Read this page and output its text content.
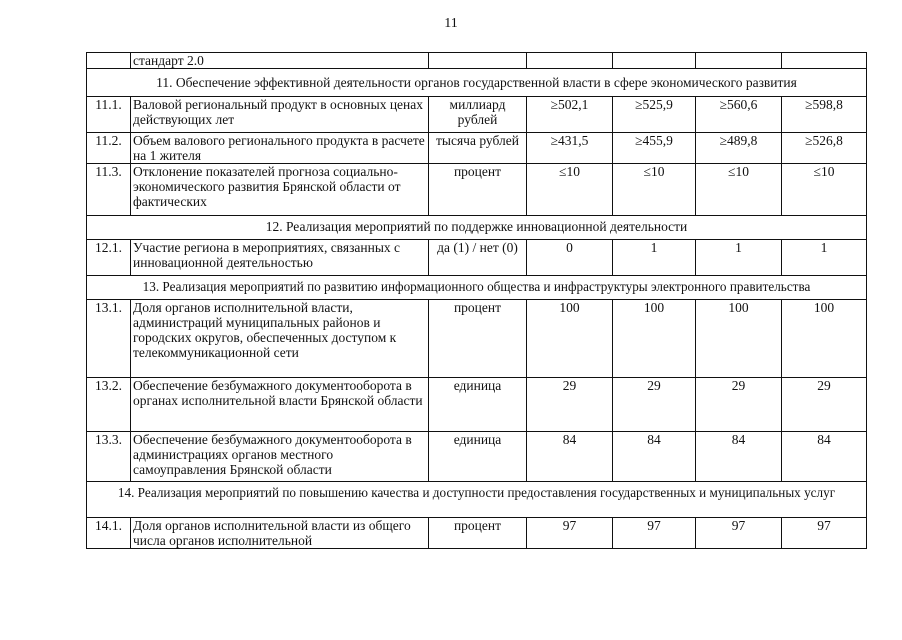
11
	стандарт 2.0					
11. Обеспечение эффективной деятельности органов государственной власти в сфере экономического развития						
11.1.	Валовой региональный продукт в основных ценах действующих лет	миллиард рублей	≥502,1	≥525,9	≥560,6	≥598,8
11.2.	Объем валового регионального продукта в расчете на 1 жителя	тысяча рублей	≥431,5	≥455,9	≥489,8	≥526,8
11.3.	Отклонение показателей прогноза социально-экономического развития Брянской области от фактических	процент	≤10	≤10	≤10	≤10
12. Реализация мероприятий по поддержке инновационной деятельности						
12.1.	Участие региона в мероприятиях, связанных с инновационной деятельностью	да (1) / нет (0)	0	1	1	1
13. Реализация мероприятий по развитию информационного общества и инфраструктуры электронного правительства						
13.1.	Доля органов исполнительной власти, администраций муниципальных районов и городских округов, обеспеченных доступом к телекоммуникационной сети	процент	100	100	100	100
13.2.	Обеспечение безбумажного документооборота в органах исполнительной власти Брянской области	единица	29	29	29	29
13.3.	Обеспечение безбумажного документооборота в администрациях органов местного самоуправления Брянской области	единица	84	84	84	84
14. Реализация мероприятий по повышению качества и доступности предоставления государственных и муниципальных услуг						
14.1.	Доля органов исполнительной власти из общего числа органов исполнительной	процент	97	97	97	97
